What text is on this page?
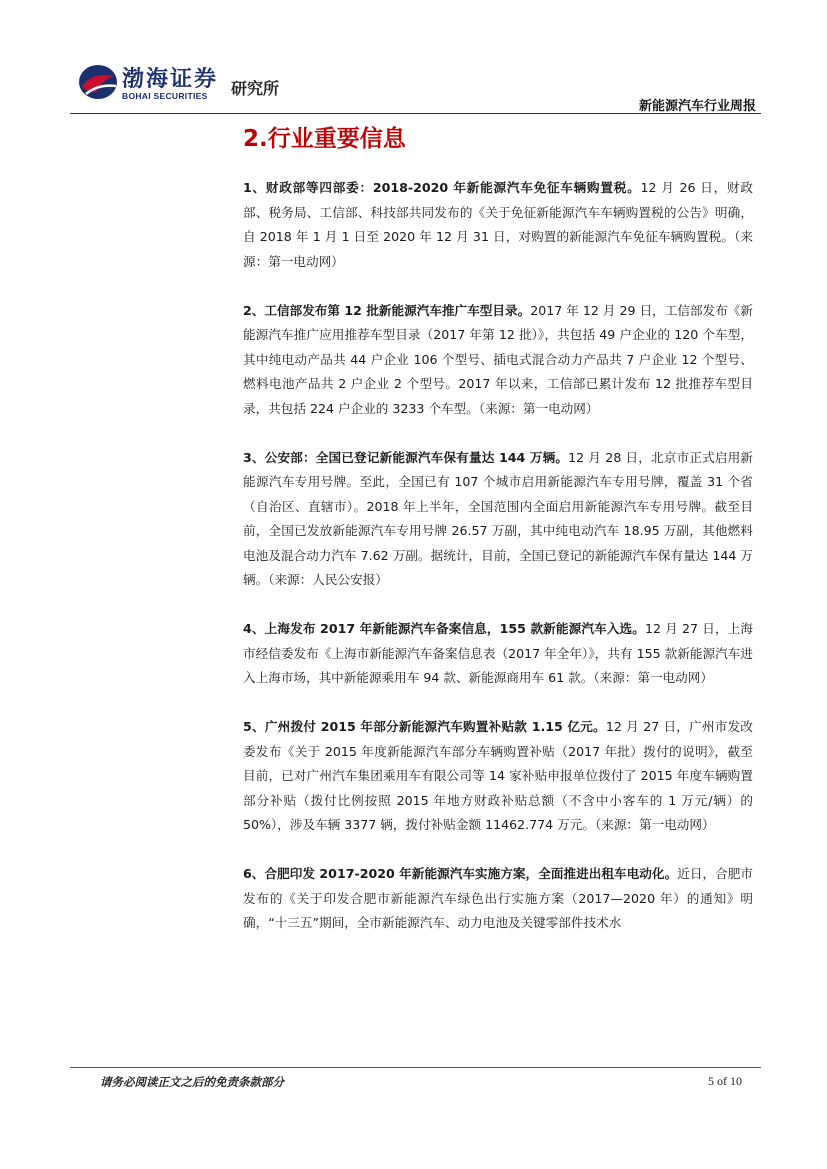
渤海证券
BOHAI SECURITIES 研究所
新能源汽车行业周报
2.行业重要信息

1、财政部等四部委：2018-2020 年新能源汽车免征车辆购置税。12 月 26 日，财政部、税务局、工信部、科技部共同发布的《关于免征新能源汽车车辆购置税的公告》明确，自 2018 年 1 月 1 日至 2020 年 12 月 31 日，对购置的新能源汽车免征车辆购置税。（来源：第一电动网）

2、工信部发布第 12 批新能源汽车推广车型目录。2017 年 12 月 29 日，工信部发布《新能源汽车推广应用推荐车型目录（2017 年第 12 批）》，共包括 49 户企业的 120 个车型，其中纯电动产品共 44 户企业 106 个型号、插电式混合动力产品共 7 户企业 12 个型号、燃料电池产品共 2 户企业 2 个型号。2017 年以来，工信部已累计发布 12 批推荐车型目录，共包括 224 户企业的 3233 个车型。（来源：第一电动网）

3、公安部：全国已登记新能源汽车保有量达 144 万辆。12 月 28 日，北京市正式启用新能源汽车专用号牌。至此，全国已有 107 个城市启用新能源汽车专用号牌，覆盖 31 个省（自治区、直辖市）。2018 年上半年，全国范围内全面启用新能源汽车专用号牌。截至目前，全国已发放新能源汽车专用号牌 26.57 万副，其中纯电动汽车 18.95 万副，其他燃料电池及混合动力汽车 7.62 万副。据统计，目前，全国已登记的新能源汽车保有量达 144 万辆。（来源：人民公安报）

4、上海发布 2017 年新能源汽车备案信息，155 款新能源汽车入选。12 月 27 日，上海市经信委发布《上海市新能源汽车备案信息表（2017 年全年）》，共有 155 款新能源汽车进入上海市场，其中新能源乘用车 94 款、新能源商用车 61 款。（来源：第一电动网）

5、广州拨付 2015 年部分新能源汽车购置补贴款 1.15 亿元。12 月 27 日，广州市发改委发布《关于 2015 年度新能源汽车部分车辆购置补贴（2017 年批）拨付的说明》，截至目前，已对广州汽车集团乘用车有限公司等 14 家补贴申报单位拨付了 2015 年度车辆购置部分补贴（拨付比例按照 2015 年地方财政补贴总额（不含中小客车的 1 万元/辆）的 50%），涉及车辆 3377 辆，拨付补贴金额 11462.774 万元。（来源：第一电动网）

6、合肥印发 2017-2020 年新能源汽车实施方案，全面推进出租车电动化。近日，合肥市发布的《关于印发合肥市新能源汽车绿色出行实施方案（2017—2020 年）的通知》明确，“十三五”期间，全市新能源汽车、动力电池及关键零部件技术水

请务必阅读正文之后的免责条款部分	5 of 10
